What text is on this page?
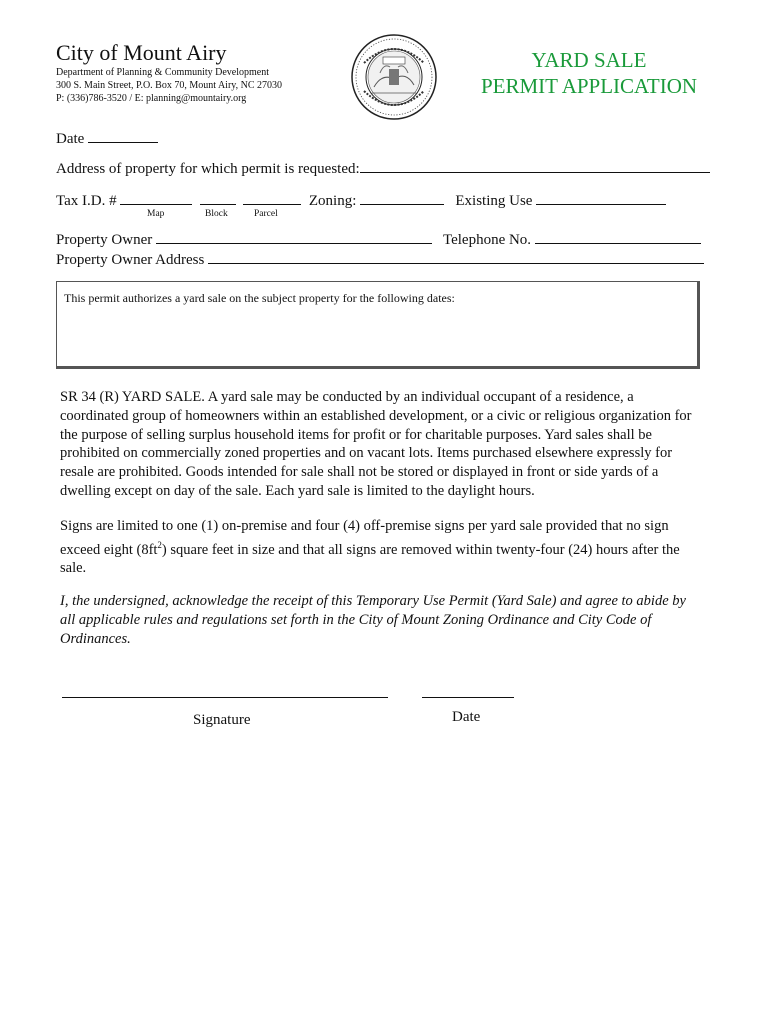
City of Mount Airy
Department of Planning & Community Development
300 S. Main Street, P.O. Box 70, Mount Airy, NC 27030
P: (336)786-3520 / E: planning@mountairy.org
YARD SALE
PERMIT APPLICATION
Date
Address of property for which permit is requested:
Tax I.D. #	Zoning:	Existing Use
Map	Block	Parcel
Property Owner	Telephone No.
Property Owner Address
This permit authorizes a yard sale on the subject property for the following dates:
SR 34 (R) YARD SALE. A yard sale may be conducted by an individual occupant of a residence, a coordinated group of homeowners within an established development, or a civic or religious organization for the purpose of selling surplus household items for profit or for charitable purposes. Yard sales shall be prohibited on commercially zoned properties and on vacant lots. Items purchased elsewhere expressly for resale are prohibited. Goods intended for sale shall not be stored or displayed in front or side yards of a dwelling except on day of the sale. Each yard sale is limited to the daylight hours.
Signs are limited to one (1) on-premise and four (4) off-premise signs per yard sale provided that no sign exceed eight $(8ft^2)$ square feet in size and that all signs are removed within twenty-four (24) hours after the sale.
I, the undersigned, acknowledge the receipt of this Temporary Use Permit (Yard Sale) and agree to abide by all applicable rules and regulations set forth in the City of Mount Zoning Ordinance and City Code of Ordinances.
Signature	Date
